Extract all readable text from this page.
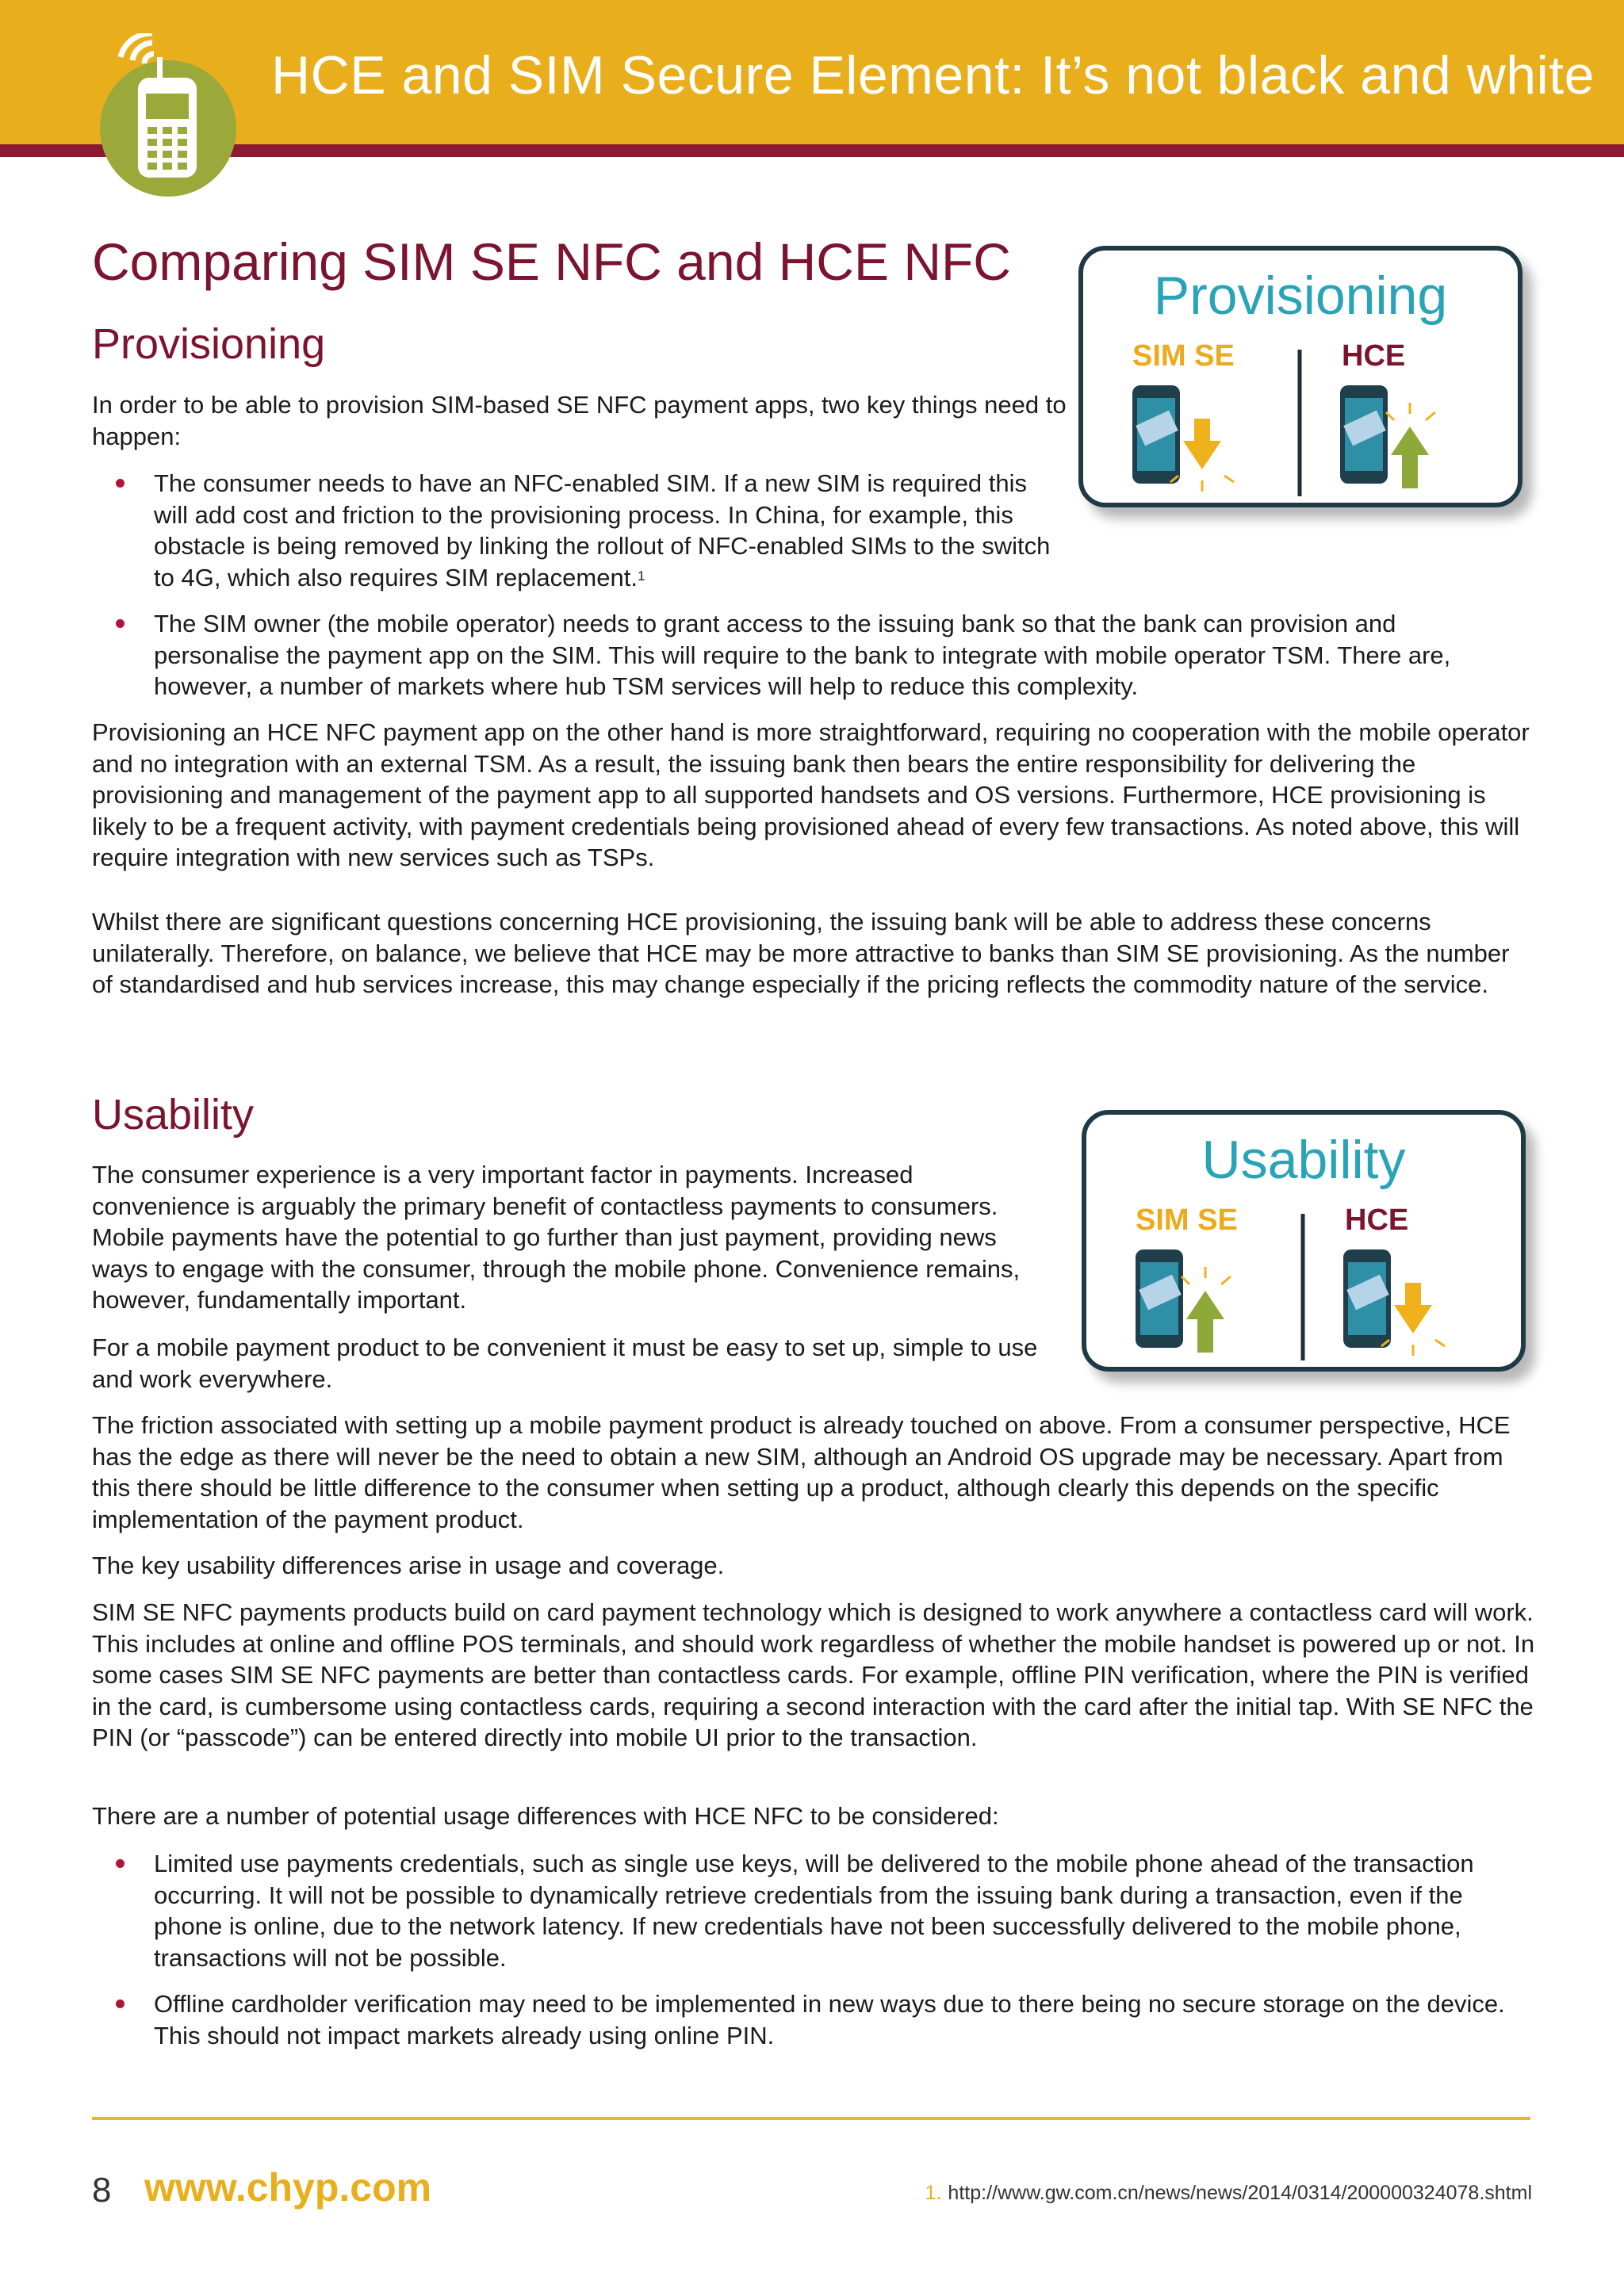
HCE and SIM Secure Element: It’s not black and white
Comparing SIM SE NFC and HCE NFC
Provisioning

In order to be able to provision SIM-based SE NFC payment apps, two key things need to happen:

The consumer needs to have an NFC-enabled SIM. If a new SIM is required this will add cost and friction to the provisioning process. In China, for example, this obstacle is being removed by linking the rollout of NFC-enabled SIMs to the switch to 4G, which also requires SIM replacement.$^1$
The SIM owner (the mobile operator) needs to grant access to the issuing bank so that the bank can provision and personalise the payment app on the SIM. This will require to the bank to integrate with mobile operator TSM. There are, however, a number of markets where hub TSM services will help to reduce this complexity.

Provisioning an HCE NFC payment app on the other hand is more straightforward, requiring no cooperation with the mobile operator and no integration with an external TSM. As a result, the issuing bank then bears the entire responsibility for delivering the provisioning and management of the payment app to all supported handsets and OS versions. Furthermore, HCE provisioning is likely to be a frequent activity, with payment credentials being provisioned ahead of every few transactions. As noted above, this will require integration with new services such as TSPs.

Whilst there are significant questions concerning HCE provisioning, the issuing bank will be able to address these concerns unilaterally. Therefore, on balance, we believe that HCE may be more attractive to banks than SIM SE provisioning. As the number of standardised and hub services increase, this may change especially if the pricing reflects the commodity nature of the service.

Provisioning
SIM SE	HCE
Usability

The consumer experience is a very important factor in payments. Increased convenience is arguably the primary benefit of contactless payments to consumers. Mobile payments have the potential to go further than just payment, providing news ways to engage with the consumer, through the mobile phone. Convenience remains, however, fundamentally important.

For a mobile payment product to be convenient it must be easy to set up, simple to use and work everywhere.

The friction associated with setting up a mobile payment product is already touched on above. From a consumer perspective, HCE has the edge as there will never be the need to obtain a new SIM, although an Android OS upgrade may be necessary. Apart from this there should be little difference to the consumer when setting up a product, although clearly this depends on the specific implementation of the payment product.

The key usability differences arise in usage and coverage.

SIM SE NFC payments products build on card payment technology which is designed to work anywhere a contactless card will work. This includes at online and offline POS terminals, and should work regardless of whether the mobile handset is powered up or not. In some cases SIM SE NFC payments are better than contactless cards. For example, offline PIN verification, where the PIN is verified in the card, is cumbersome using contactless cards, requiring a second interaction with the card after the initial tap. With SE NFC the PIN (or “passcode”) can be entered directly into mobile UI prior to the transaction.

There are a number of potential usage differences with HCE NFC to be considered:

Limited use payments credentials, such as single use keys, will be delivered to the mobile phone ahead of the transaction occurring. It will not be possible to dynamically retrieve credentials from the issuing bank during a transaction, even if the phone is online, due to the network latency. If new credentials have not been successfully delivered to the mobile phone, transactions will not be possible.
Offline cardholder verification may need to be implemented in new ways due to there being no secure storage on the device. This should not impact markets already using online PIN.
Usability
SIM SE	HCE
8 www.chyp.com	1. http://www.gw.com.cn/news/news/2014/0314/200000324078.shtml
